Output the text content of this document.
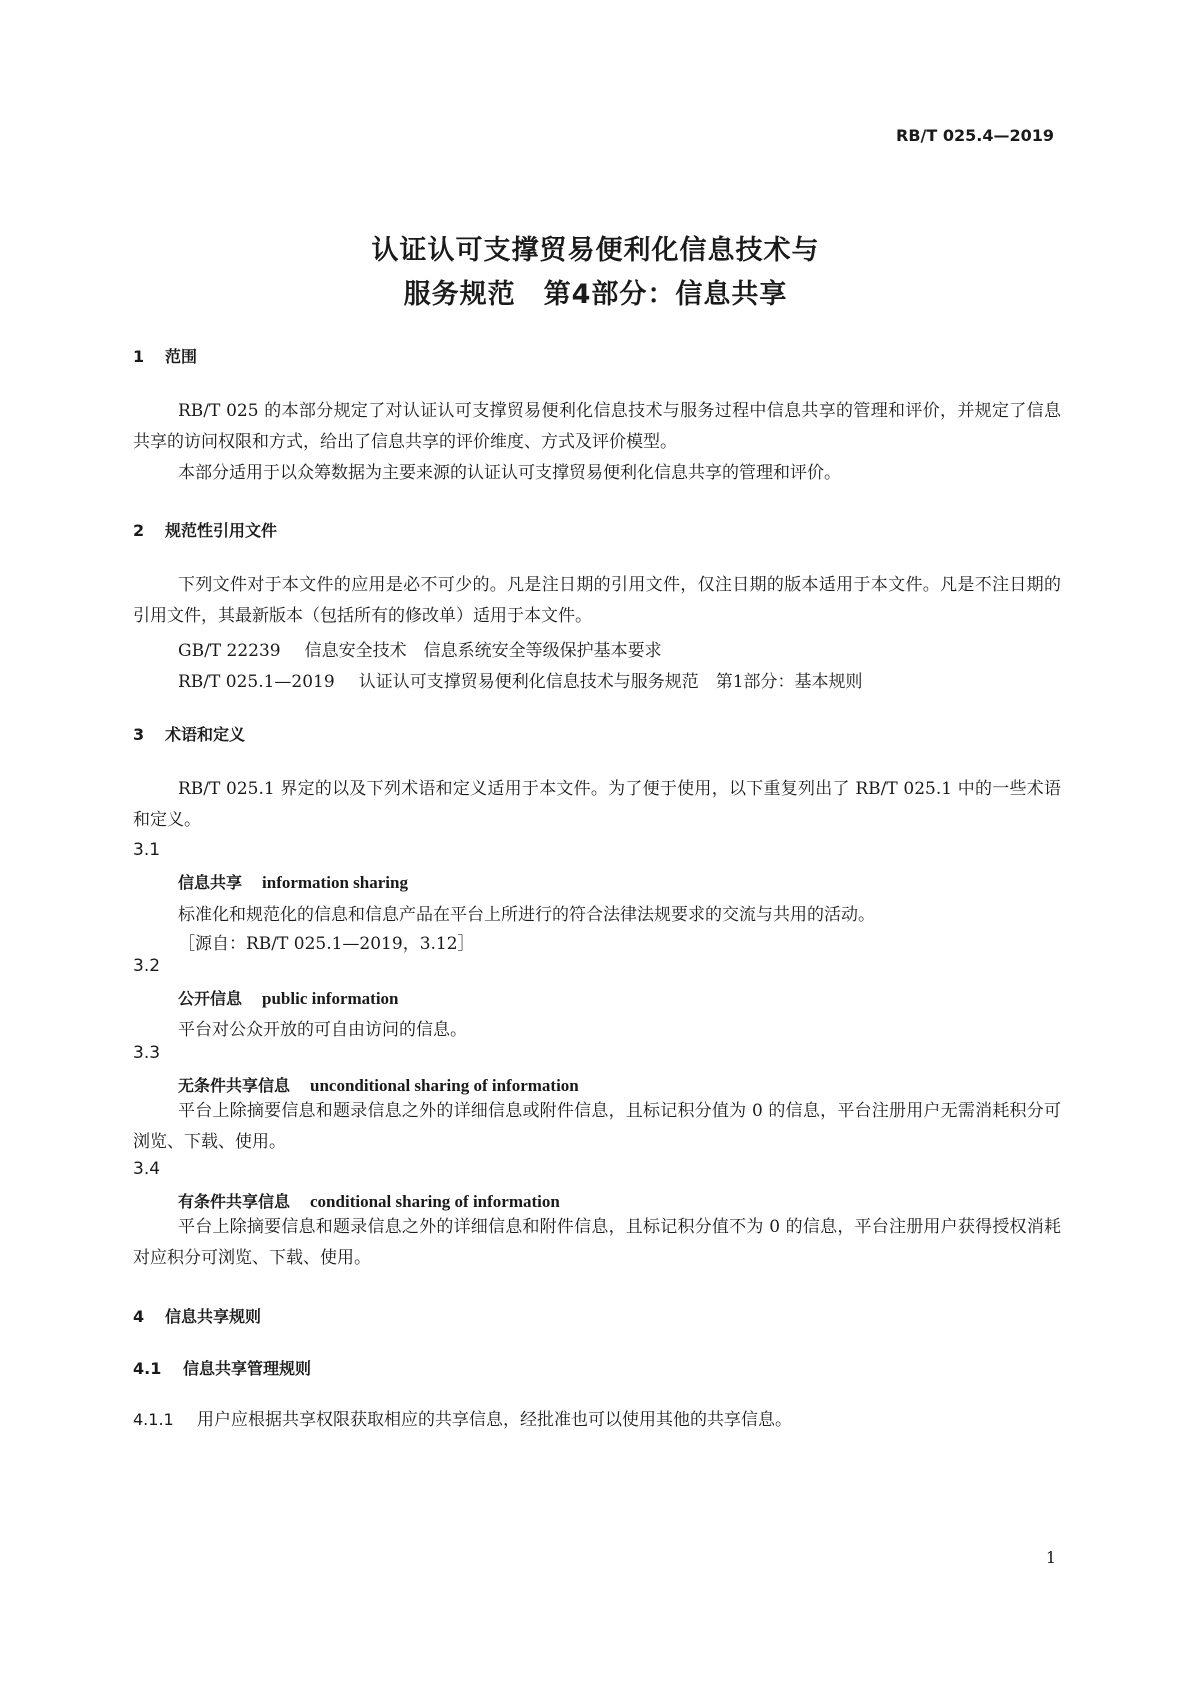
RB/T 025.4—2019
认证认可支撑贸易便利化信息技术与
服务规范　第4部分：信息共享
1 范围
RB/T 025 的本部分规定了对认证认可支撑贸易便利化信息技术与服务过程中信息共享的管理和评价，并规定了信息共享的访问权限和方式，给出了信息共享的评价维度、方式及评价模型。
本部分适用于以众筹数据为主要来源的认证认可支撑贸易便利化信息共享的管理和评价。
2 规范性引用文件
下列文件对于本文件的应用是必不可少的。凡是注日期的引用文件，仅注日期的版本适用于本文件。凡是不注日期的引用文件，其最新版本（包括所有的修改单）适用于本文件。
GB/T 22239 信息安全技术　信息系统安全等级保护基本要求
RB/T 025.1—2019 认证认可支撑贸易便利化信息技术与服务规范　第1部分：基本规则
3 术语和定义
RB/T 025.1 界定的以及下列术语和定义适用于本文件。为了便于使用，以下重复列出了 RB/T 025.1 中的一些术语和定义。
3.1
信息共享 information sharing
标准化和规范化的信息和信息产品在平台上所进行的符合法律法规要求的交流与共用的活动。
［源自：RB/T 025.1—2019，3.12］
3.2
公开信息 public information
平台对公众开放的可自由访问的信息。
3.3
无条件共享信息 unconditional sharing of information
平台上除摘要信息和题录信息之外的详细信息或附件信息，且标记积分值为 0 的信息，平台注册用户无需消耗积分可浏览、下载、使用。
3.4
有条件共享信息 conditional sharing of information
平台上除摘要信息和题录信息之外的详细信息和附件信息，且标记积分值不为 0 的信息，平台注册用户获得授权消耗对应积分可浏览、下载、使用。
4 信息共享规则
4.1 信息共享管理规则
4.1.1 用户应根据共享权限获取相应的共享信息，经批准也可以使用其他的共享信息。
1
